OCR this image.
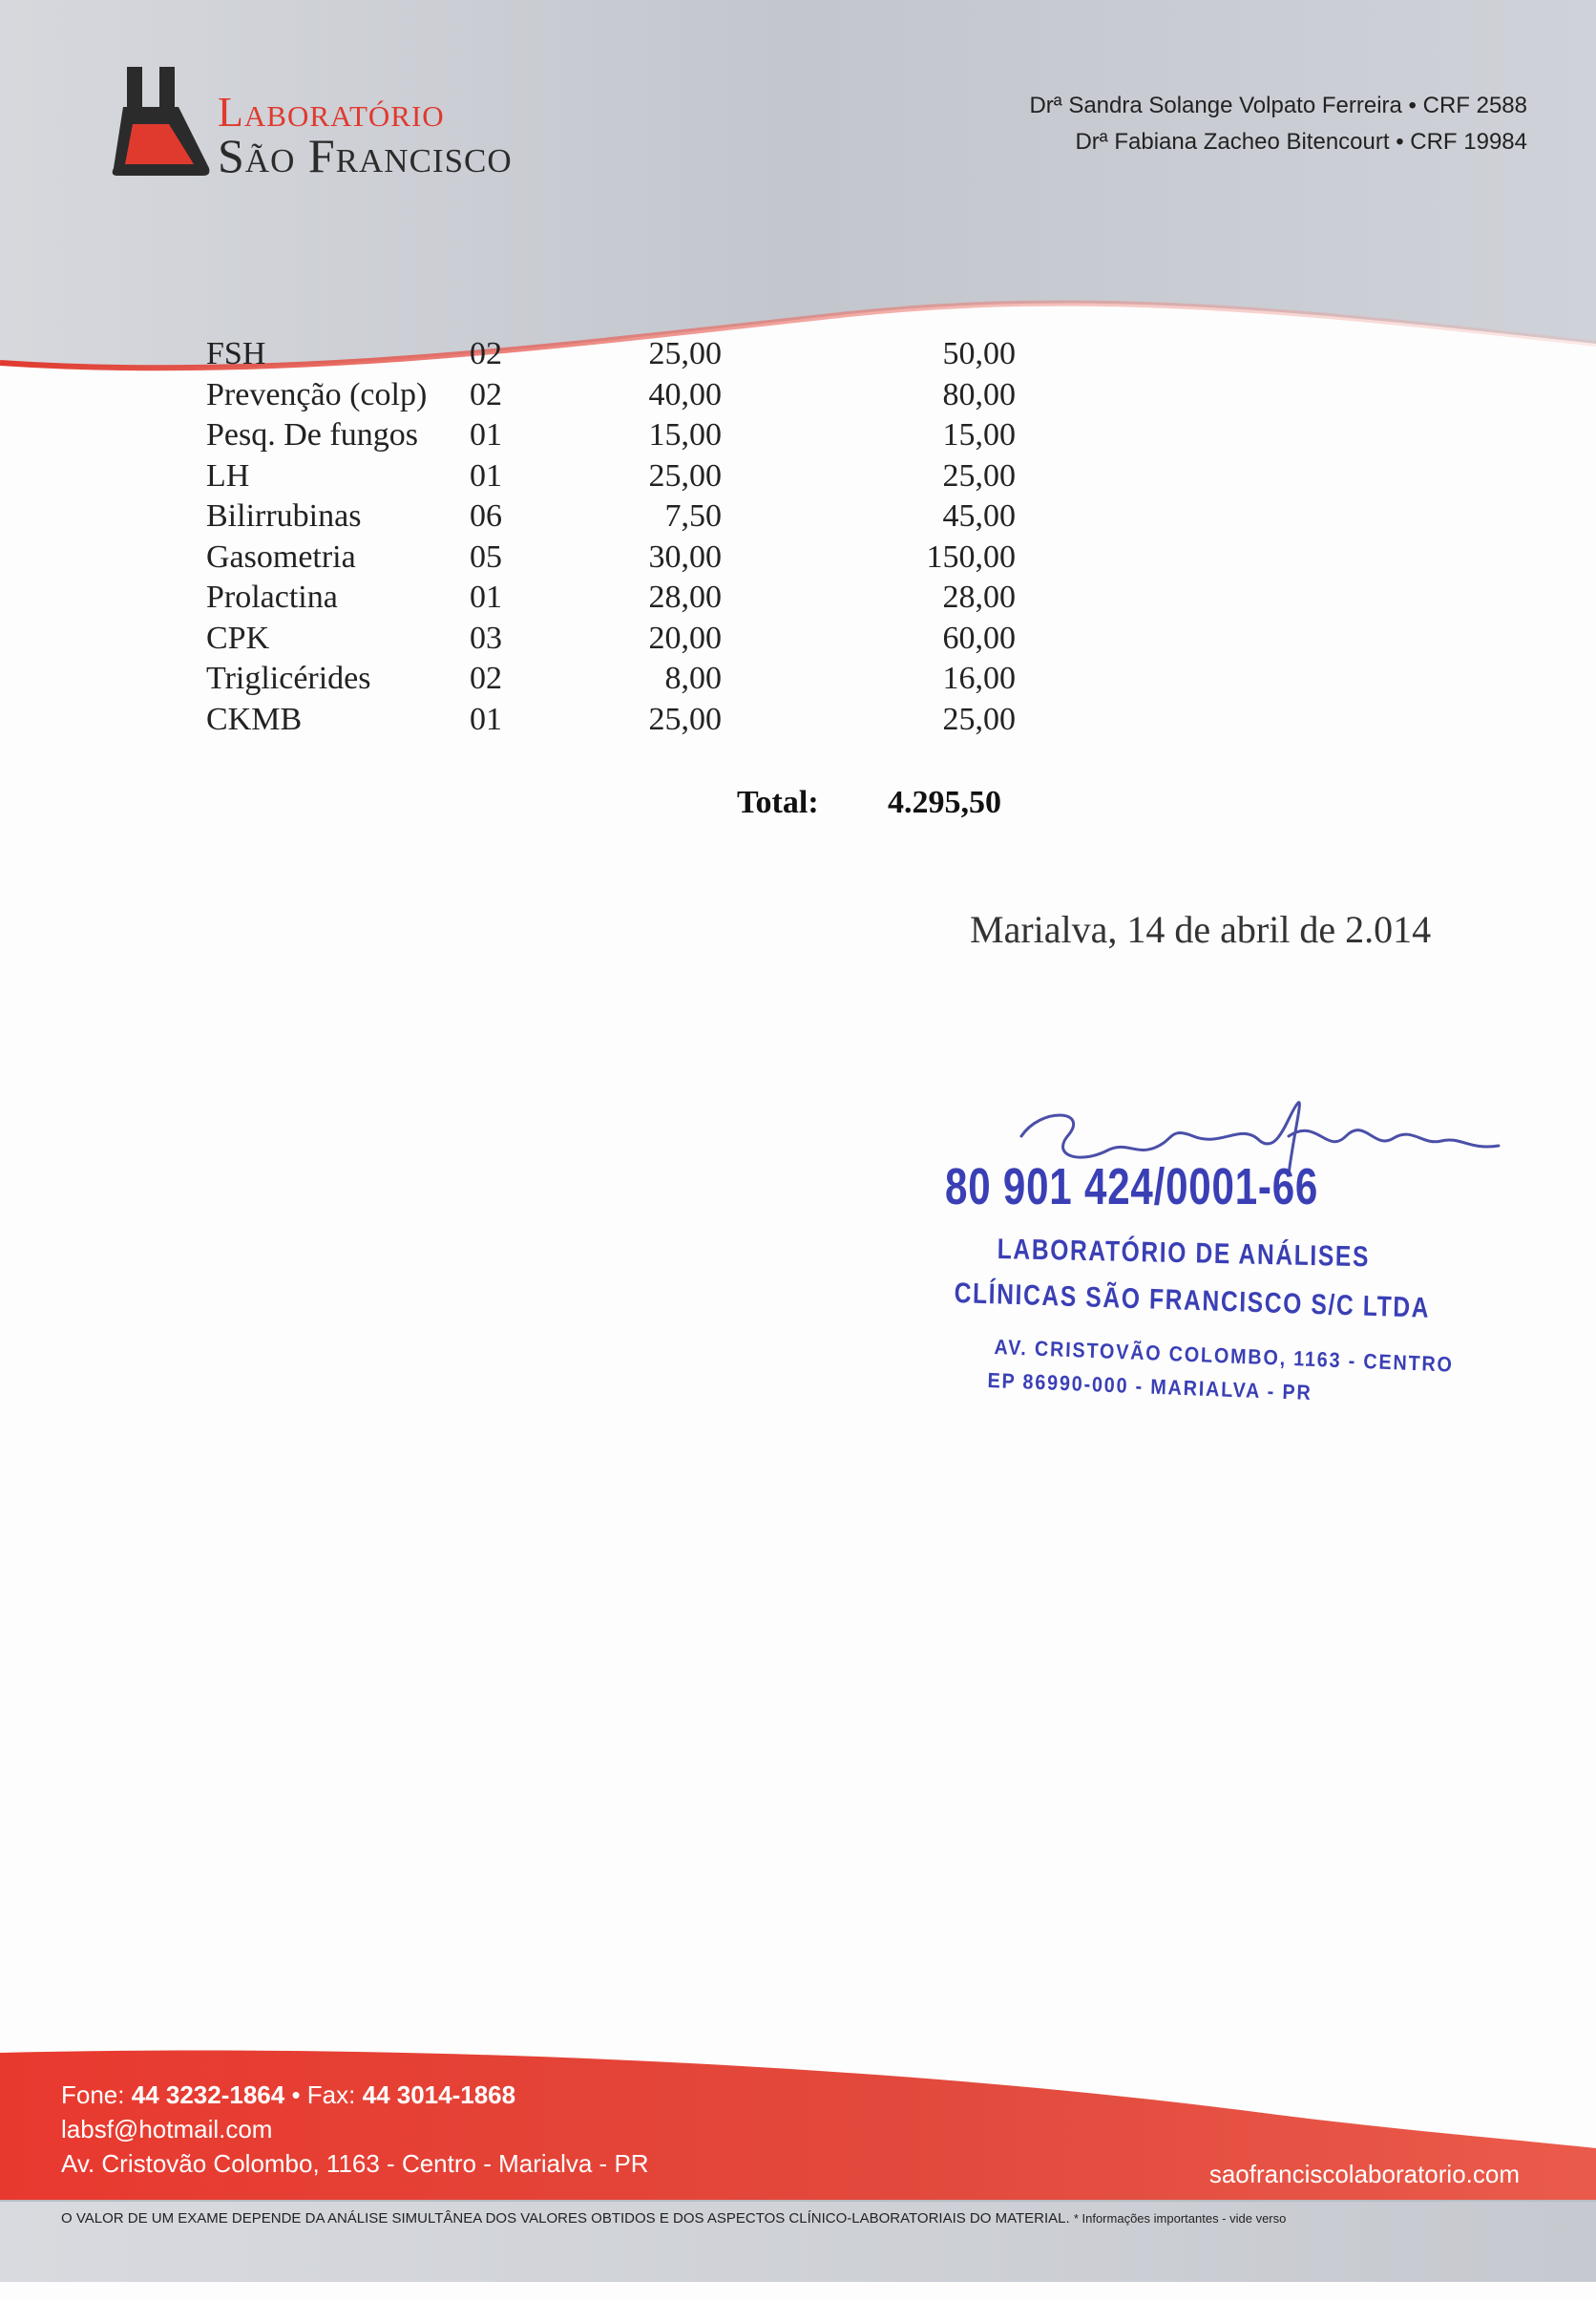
Laboratório
São Francisco
Drª Sandra Solange Volpato Ferreira • CRF 2588
Drª Fabiana Zacheo Bitencourt • CRF 19984
FSH	02	25,00	50,00
Prevenção (colp) 02	40,00	80,00
Pesq. De fungos 01	15,00	15,00
LH	01	25,00	25,00
Bilirrubinas	06	7,50	45,00
Gasometria	05	30,00	150,00
Prolactina	01	28,00	28,00
CPK	03	20,00	60,00
Triglicérides	02	8,00	16,00
CKMB	01	25,00	25,00
Total: 4.295,50
Marialva, 14 de abril de 2.014
80 901 424/0001-66
LABORATÓRIO DE ANÁLISES
CLÍNICAS SÃO FRANCISCO S/C LTDA
AV. CRISTOVÃO COLOMBO, 1163 - CENTRO
EP 86990-000 - MARIALVA - PR
Fone: 44 3232-1864 • Fax: 44 3014-1868
labsf@hotmail.com
Av. Cristovão Colombo, 1163 - Centro - Marialva - PR	saofranciscolaboratorio.com
O VALOR DE UM EXAME DEPENDE DA ANÁLISE SIMULTÂNEA DOS VALORES OBTIDOS E DOS ASPECTOS CLÍNICO-LABORATORIAIS DO MATERIAL. * Informações importantes - vide verso
